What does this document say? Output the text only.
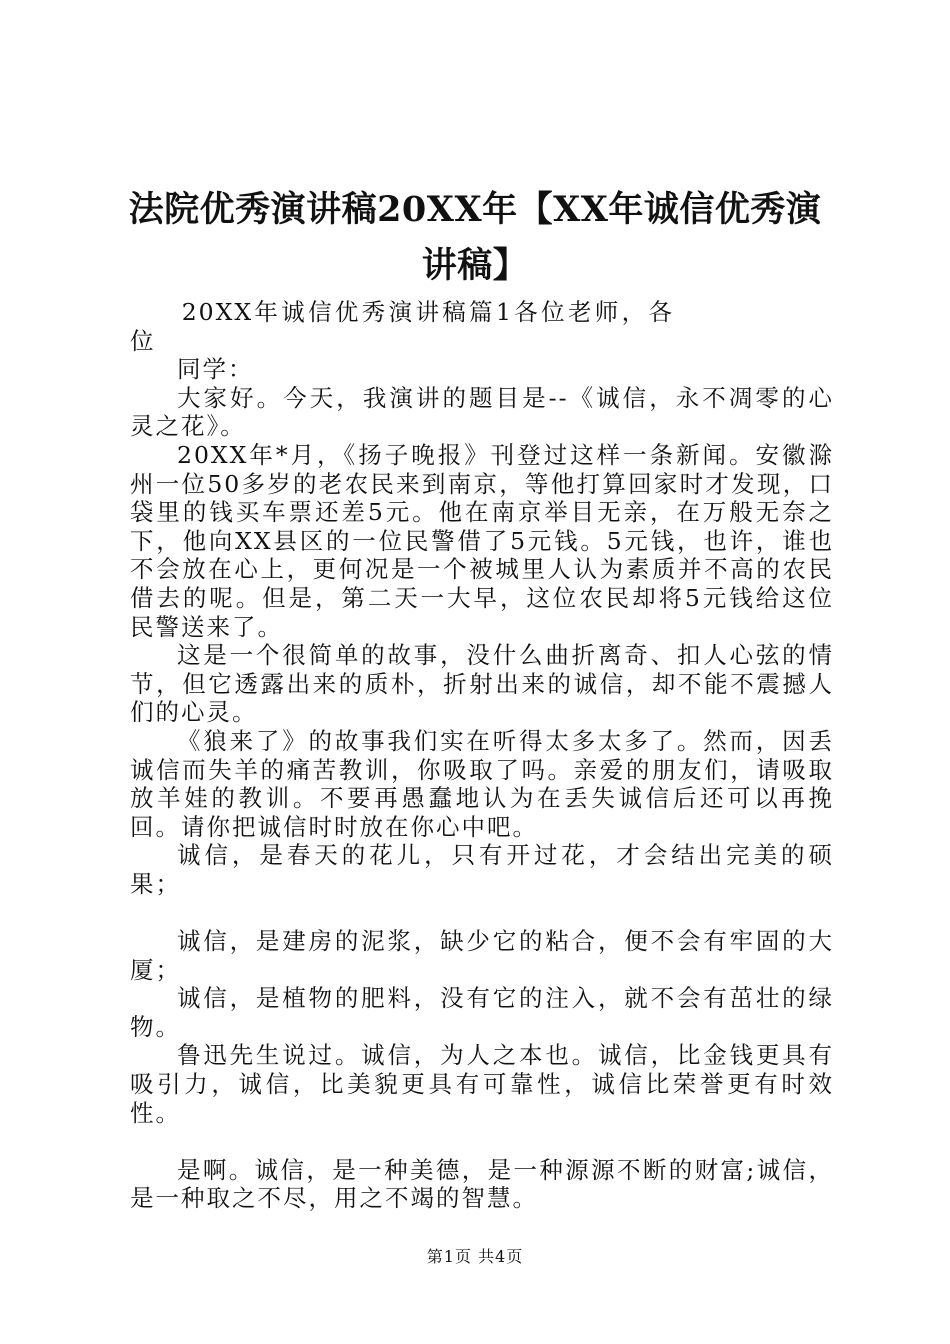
法院优秀演讲稿20XX年【XX年诚信优秀演讲稿】

20XX年诚信优秀演讲稿篇1各位老师，各位

同学：

大家好。今天，我演讲的题目是--《诚信，永不凋零的心灵之花》。

20XX年*月，《扬子晚报》刊登过这样一条新闻。安徽滁州一位50多岁的老农民来到南京，等他打算回家时才发现，口袋里的钱买车票还差5元。他在南京举目无亲，在万般无奈之下，他向XX县区的一位民警借了5元钱。5元钱，也许，谁也不会放在心上，更何况是一个被城里人认为素质并不高的农民借去的呢。但是，第二天一大早，这位农民却将5元钱给这位民警送来了。

这是一个很简单的故事，没什么曲折离奇、扣人心弦的情节，但它透露出来的质朴，折射出来的诚信，却不能不震撼人们的心灵。

《狼来了》的故事我们实在听得太多太多了。然而，因丢诚信而失羊的痛苦教训，你吸取了吗。亲爱的朋友们，请吸取放羊娃的教训。不要再愚蠢地认为在丢失诚信后还可以再挽回。请你把诚信时时放在你心中吧。

诚信，是春天的花儿，只有开过花，才会结出完美的硕果；

诚信，是建房的泥浆，缺少它的粘合，便不会有牢固的大厦；

诚信，是植物的肥料，没有它的注入，就不会有茁壮的绿物。

鲁迅先生说过。诚信，为人之本也。诚信，比金钱更具有吸引力，诚信，比美貌更具有可靠性，诚信比荣誉更有时效性。

是啊。诚信，是一种美德，是一种源源不断的财富;诚信，是一种取之不尽，用之不竭的智慧。

第1页 共4页
